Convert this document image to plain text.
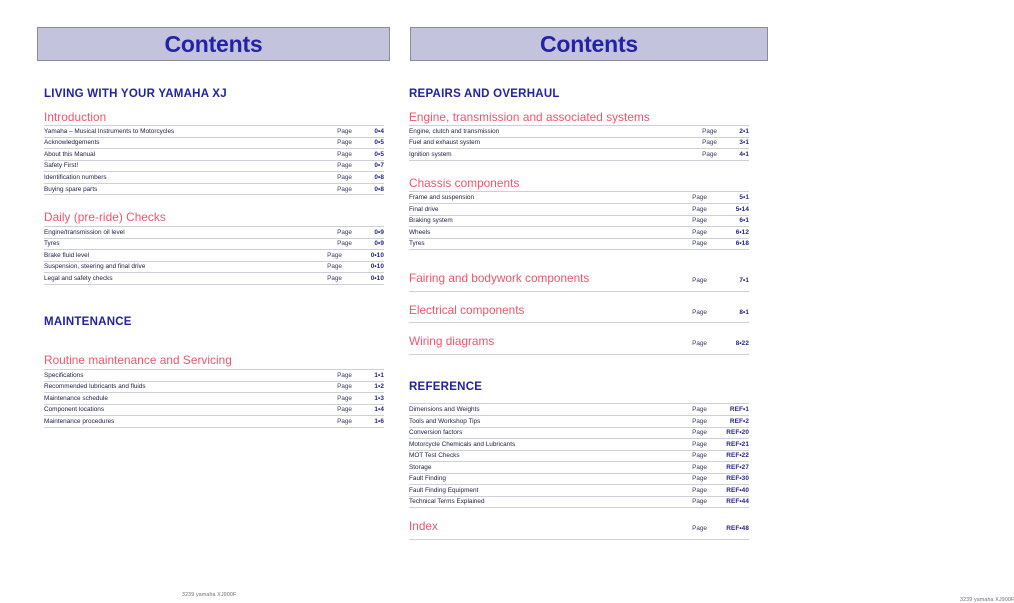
Contents
LIVING WITH YOUR YAMAHA XJ
Introduction
Yamaha – Musical Instruments to Motorcycles	Page	0•4
Acknowledgements	Page	0•5
About this Manual	Page	0•5
Safety First!	Page	0•7
Identification numbers	Page	0•8
Buying spare parts	Page	0•8
Daily (pre-ride) Checks
Engine/transmission oil level	Page	0•9
Tyres	Page	0•9
Brake fluid level	Page	0•10
Suspension, steering and final drive	Page	0•10
Legal and safety checks	Page	0•10
MAINTENANCE
Routine maintenance and Servicing
Specifications	Page	1•1
Recommended lubricants and fluids	Page	1•2
Maintenance schedule	Page	1•3
Component locations	Page	1•4
Maintenance procedures	Page	1•6
3239 yamaha XJ900F
Contents
REPAIRS AND OVERHAUL
Engine, transmission and associated systems
Engine, clutch and transmission	Page	2•1
Fuel and exhaust system	Page	3•1
Ignition system	Page	4•1
Chassis components
Frame and suspension	Page	5•1
Final drive	Page	5•14
Braking system	Page	6•1
Wheels	Page	6•12
Tyres	Page	6•18
Fairing and bodywork components	Page	7•1
Electrical components	Page	8•1
Wiring diagrams	Page	8•22
REFERENCE
Dimensions and Weights	Page	REF•1
Tools and Workshop Tips	Page	REF•2
Conversion factors	Page	REF•20
Motorcycle Chemicals and Lubricants	Page	REF•21
MOT Test Checks	Page	REF•22
Storage	Page	REF•27
Fault Finding	Page	REF•30
Fault Finding Equipment	Page	REF•40
Technical Terms Explained	Page	REF•44
Index	Page	REF•48
3239 yamaha XJ900F
